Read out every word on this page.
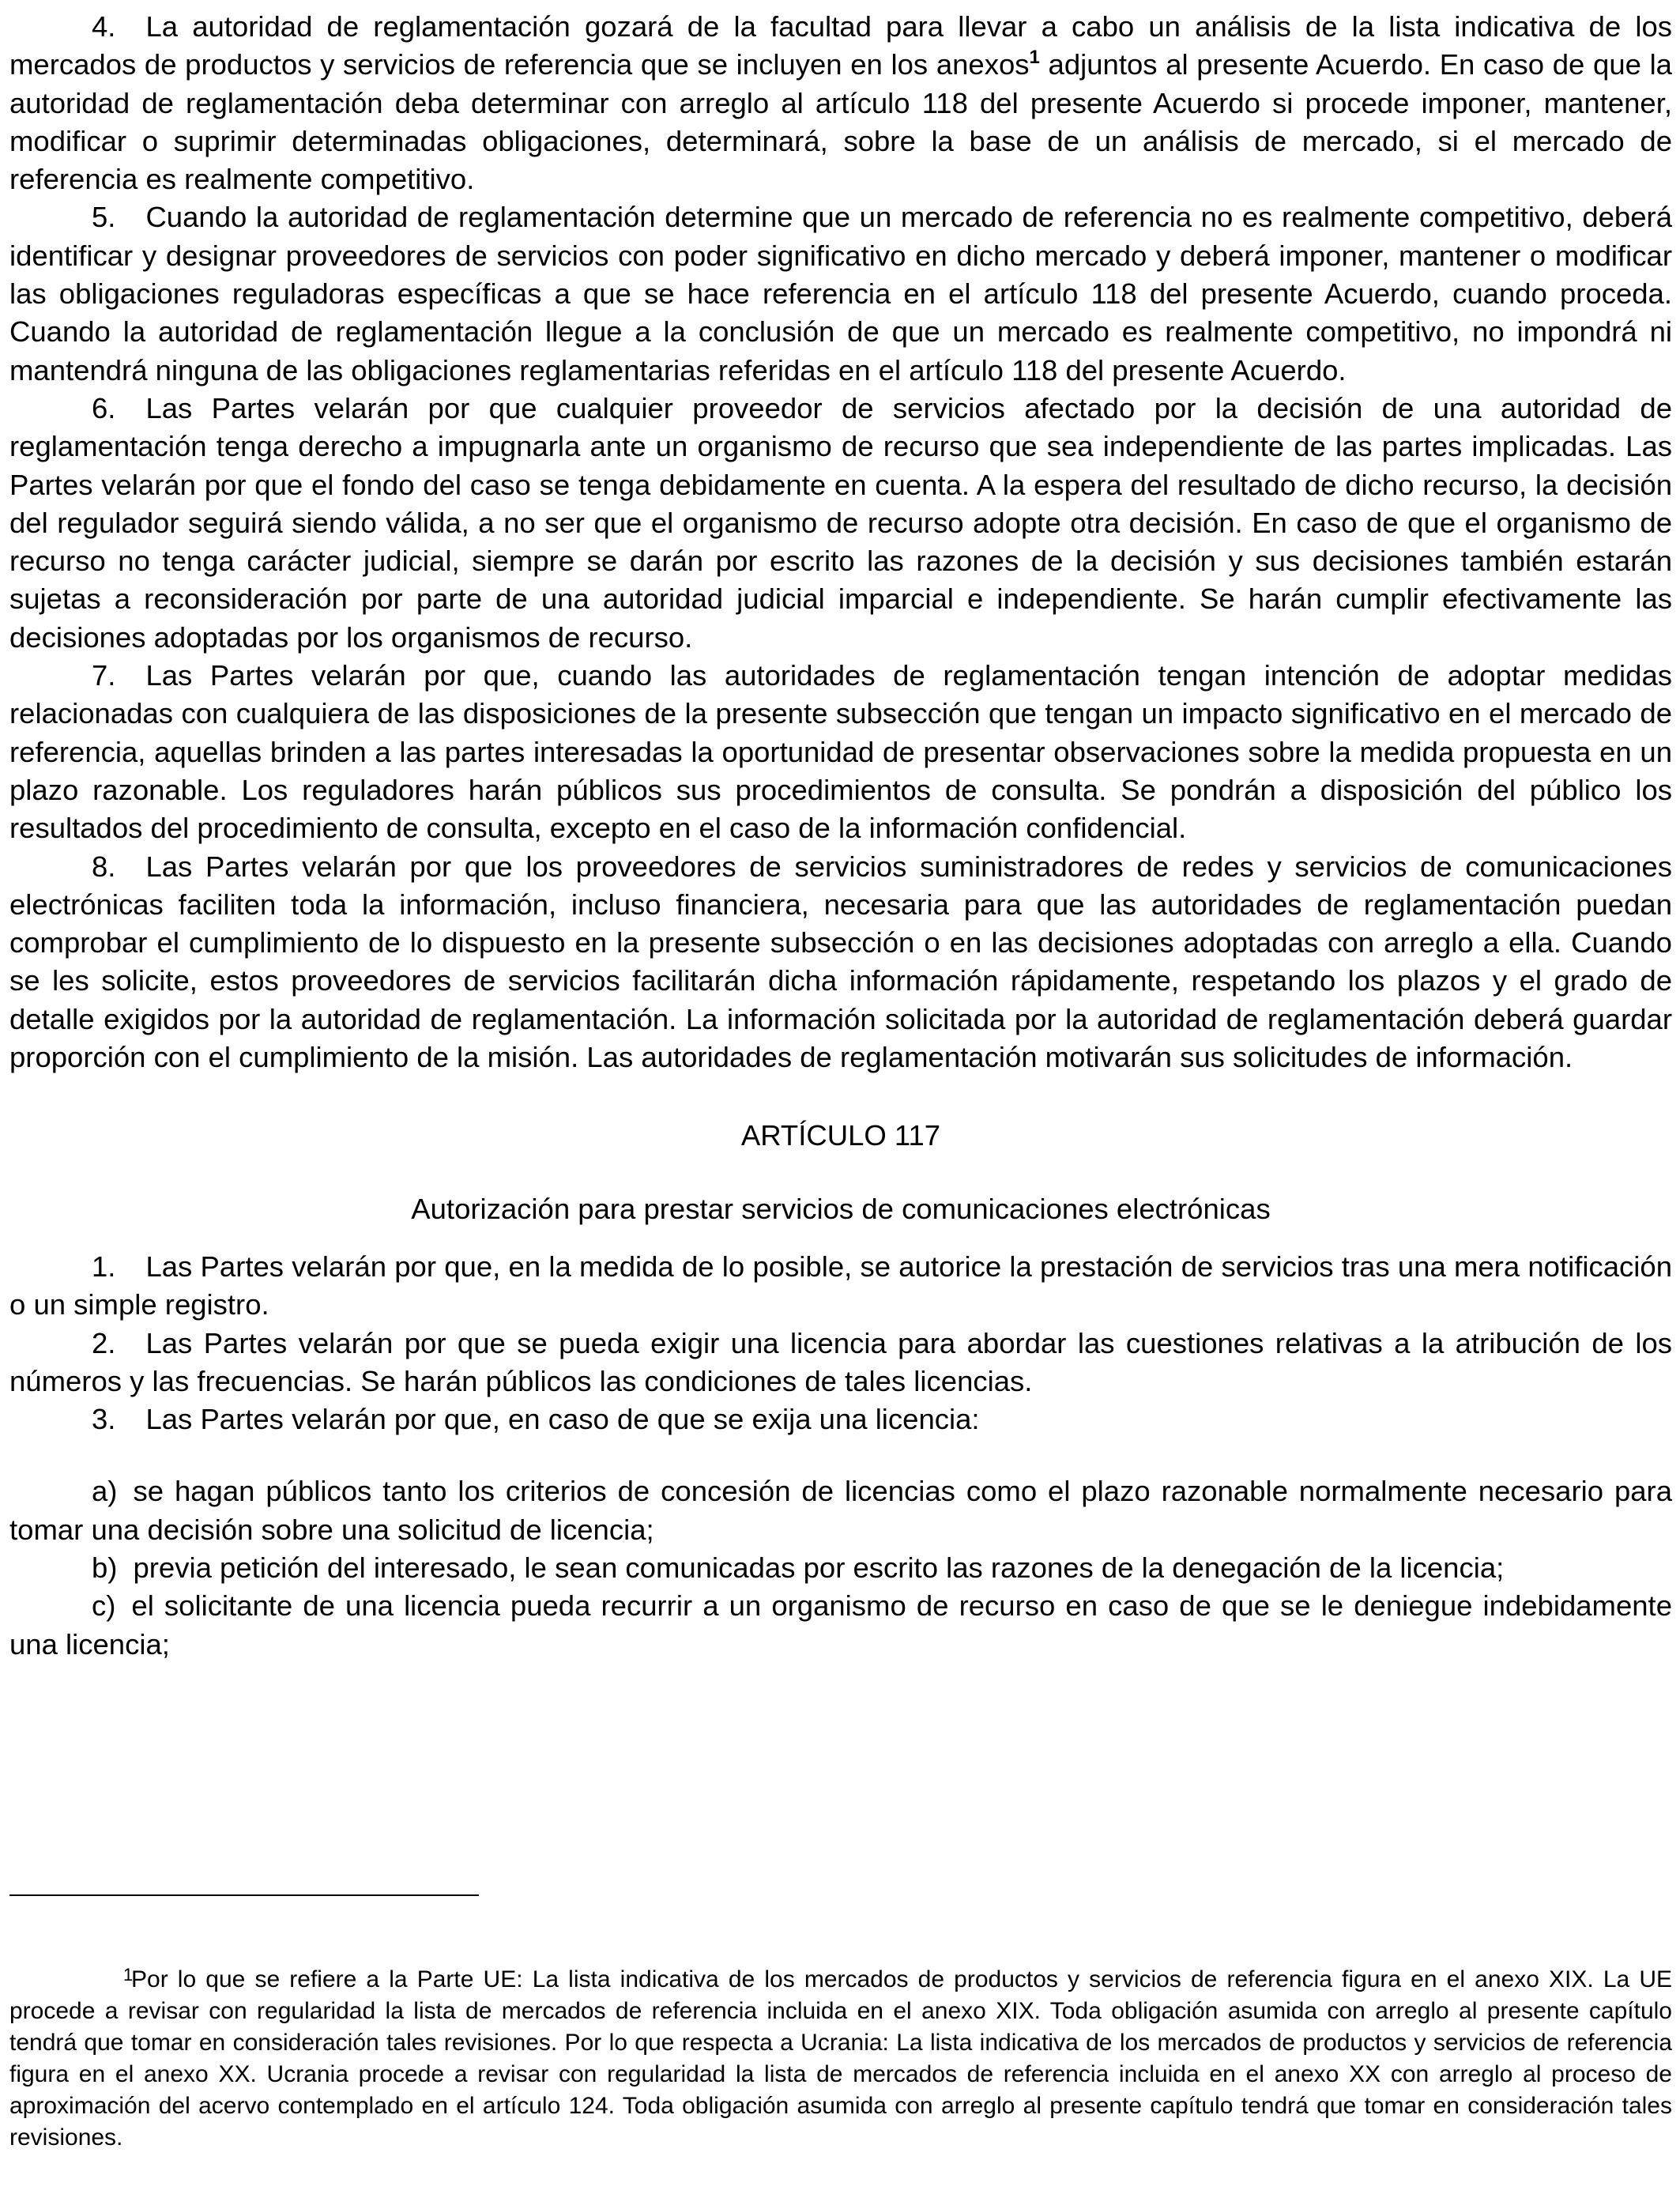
4. La autoridad de reglamentación gozará de la facultad para llevar a cabo un análisis de la lista indicativa de los mercados de productos y servicios de referencia que se incluyen en los anexos$^1$ adjuntos al presente Acuerdo. En caso de que la autoridad de reglamentación deba determinar con arreglo al artículo 118 del presente Acuerdo si procede imponer, mantener, modificar o suprimir determinadas obligaciones, determinará, sobre la base de un análisis de mercado, si el mercado de referencia es realmente competitivo.

5. Cuando la autoridad de reglamentación determine que un mercado de referencia no es realmente competitivo, deberá identificar y designar proveedores de servicios con poder significativo en dicho mercado y deberá imponer, mantener o modificar las obligaciones reguladoras específicas a que se hace referencia en el artículo 118 del presente Acuerdo, cuando proceda. Cuando la autoridad de reglamentación llegue a la conclusión de que un mercado es realmente competitivo, no impondrá ni mantendrá ninguna de las obligaciones reglamentarias referidas en el artículo 118 del presente Acuerdo.

6. Las Partes velarán por que cualquier proveedor de servicios afectado por la decisión de una autoridad de reglamentación tenga derecho a impugnarla ante un organismo de recurso que sea independiente de las partes implicadas. Las Partes velarán por que el fondo del caso se tenga debidamente en cuenta. A la espera del resultado de dicho recurso, la decisión del regulador seguirá siendo válida, a no ser que el organismo de recurso adopte otra decisión. En caso de que el organismo de recurso no tenga carácter judicial, siempre se darán por escrito las razones de la decisión y sus decisiones también estarán sujetas a reconsideración por parte de una autoridad judicial imparcial e independiente. Se harán cumplir efectivamente las decisiones adoptadas por los organismos de recurso.

7. Las Partes velarán por que, cuando las autoridades de reglamentación tengan intención de adoptar medidas relacionadas con cualquiera de las disposiciones de la presente subsección que tengan un impacto significativo en el mercado de referencia, aquellas brinden a las partes interesadas la oportunidad de presentar observaciones sobre la medida propuesta en un plazo razonable. Los reguladores harán públicos sus procedimientos de consulta. Se pondrán a disposición del público los resultados del procedimiento de consulta, excepto en el caso de la información confidencial.

8. Las Partes velarán por que los proveedores de servicios suministradores de redes y servicios de comunicaciones electrónicas faciliten toda la información, incluso financiera, necesaria para que las autoridades de reglamentación puedan comprobar el cumplimiento de lo dispuesto en la presente subsección o en las decisiones adoptadas con arreglo a ella. Cuando se les solicite, estos proveedores de servicios facilitarán dicha información rápidamente, respetando los plazos y el grado de detalle exigidos por la autoridad de reglamentación. La información solicitada por la autoridad de reglamentación deberá guardar proporción con el cumplimiento de la misión. Las autoridades de reglamentación motivarán sus solicitudes de información.

ARTÍCULO 117

Autorización para prestar servicios de comunicaciones electrónicas

1. Las Partes velarán por que, en la medida de lo posible, se autorice la prestación de servicios tras una mera notificación o un simple registro.

2. Las Partes velarán por que se pueda exigir una licencia para abordar las cuestiones relativas a la atribución de los números y las frecuencias. Se harán públicos las condiciones de tales licencias.

3. Las Partes velarán por que, en caso de que se exija una licencia:

a) se hagan públicos tanto los criterios de concesión de licencias como el plazo razonable normalmente necesario para tomar una decisión sobre una solicitud de licencia;

b) previa petición del interesado, le sean comunicadas por escrito las razones de la denegación de la licencia;

c) el solicitante de una licencia pueda recurrir a un organismo de recurso en caso de que se le deniegue indebidamente una licencia;

1Por lo que se refiere a la Parte UE: La lista indicativa de los mercados de productos y servicios de referencia figura en el anexo XIX. La UE procede a revisar con regularidad la lista de mercados de referencia incluida en el anexo XIX. Toda obligación asumida con arreglo al presente capítulo tendrá que tomar en consideración tales revisiones. Por lo que respecta a Ucrania: La lista indicativa de los mercados de productos y servicios de referencia figura en el anexo XX. Ucrania procede a revisar con regularidad la lista de mercados de referencia incluida en el anexo XX con arreglo al proceso de aproximación del acervo contemplado en el artículo 124. Toda obligación asumida con arreglo al presente capítulo tendrá que tomar en consideración tales revisiones.
